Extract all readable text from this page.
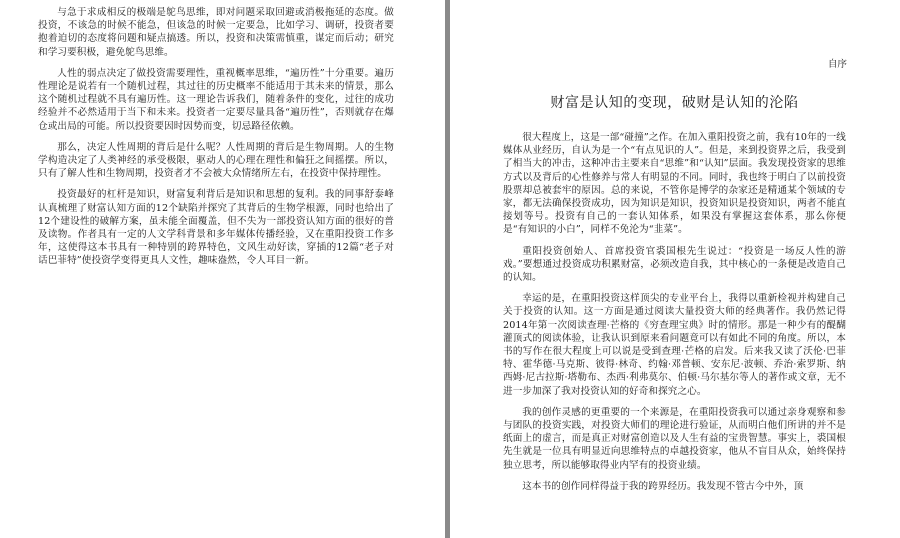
与急于求成相反的极端是鸵鸟思维，即对问题采取回避或消极拖延的态度。做投资，不该急的时候不能急，但该急的时候一定要急，比如学习、调研，投资者要抱着迫切的态度将问题和疑点搞透。所以，投资和决策需慎重，谋定而后动；研究和学习要积极，避免鸵鸟思维。

人性的弱点决定了做投资需要理性，重视概率思维，“遍历性”十分重要。遍历性理论是说若有一个随机过程，其过往的历史概率不能适用于其未来的情景，那么这个随机过程就不具有遍历性。这一理论告诉我们，随着条件的变化，过往的成功经验并不必然适用于当下和未来。投资者一定要尽量具备“遍历性”，否则就存在爆仓或出局的可能。所以投资要因时因势而变，切忌路径依赖。

那么，决定人性周期的背后是什么呢？人性周期的背后是生物周期。人的生物学构造决定了人类神经的承受极限，驱动人的心理在理性和偏狂之间摇摆。所以，只有了解人性和生物周期，投资者才不会被大众情绪所左右，在投资中保持理性。

投资最好的杠杆是知识，财富复利背后是知识和思想的复利。我的同事舒泰峰认真梳理了财富认知方面的12个缺陷并探究了其背后的生物学根源，同时也给出了12个建设性的破解方案，虽未能全面覆盖，但不失为一部投资认知方面的很好的普及读物。作者具有一定的人文学科背景和多年媒体传播经验，又在重阳投资工作多年，这使得这本书具有一种特别的跨界特色，文风生动好读，穿插的12篇“老子对话巴菲特”使投资学变得更具人文性，趣味盎然，令人耳目一新。

自序
财富是认知的变现，破财是认知的沦陷

很大程度上，这是一部“碰撞”之作。在加入重阳投资之前，我有10年的一线媒体从业经历，自认为是一个“有点见识的人”。但是，来到投资界之后，我受到了相当大的冲击，这种冲击主要来自“思维”和“认知”层面。我发现投资家的思维方式以及背后的心性修养与常人有明显的不同。同时，我也终于明白了以前投资股票却总被套牢的原因。总的来说，不管你是博学的杂家还是精通某个领域的专家，都无法确保投资成功，因为知识是知识，投资知识是投资知识，两者不能直接划等号。投资有自己的一套认知体系，如果没有掌握这套体系，那么你便是“有知识的小白”，同样不免沦为“韭菜”。

重阳投资创始人、首席投资官裘国根先生说过：“投资是一场反人性的游戏。”要想通过投资成功积累财富，必须改造自我，其中核心的一条便是改造自己的认知。

幸运的是，在重阳投资这样顶尖的专业平台上，我得以重新检视并构建自己关于投资的认知。这一方面是通过阅读大量投资大师的经典著作。我仍然记得2014年第一次阅读查理·芒格的《穷查理宝典》时的情形。那是一种少有的醍醐灌顶式的阅读体验，让我认识到原来看问题竟可以有如此不同的角度。所以，本书的写作在很大程度上可以说是受到查理·芒格的启发。后来我又读了沃伦·巴菲特、霍华德·马克斯、彼得·林奇、约翰·邓普顿、安东尼·波顿、乔治·索罗斯、纳西姆·尼古拉斯·塔勒布、杰西·利弗莫尔、伯顿·马尔基尔等人的著作或文章，无不进一步加深了我对投资认知的好奇和探究之心。

我的创作灵感的更重要的一个来源是，在重阳投资我可以通过亲身观察和参与团队的投资实践，对投资大师们的理论进行验证，从而明白他们所讲的并不是纸面上的虚言，而是真正对财富创造以及人生有益的宝贵智慧。事实上，裘国根先生就是一位具有明显近向思维特点的卓越投资家，他从不盲目从众，始终保持独立思考，所以能够取得业内罕有的投资业绩。

这本书的创作同样得益于我的跨界经历。我发现不管古今中外，顶
